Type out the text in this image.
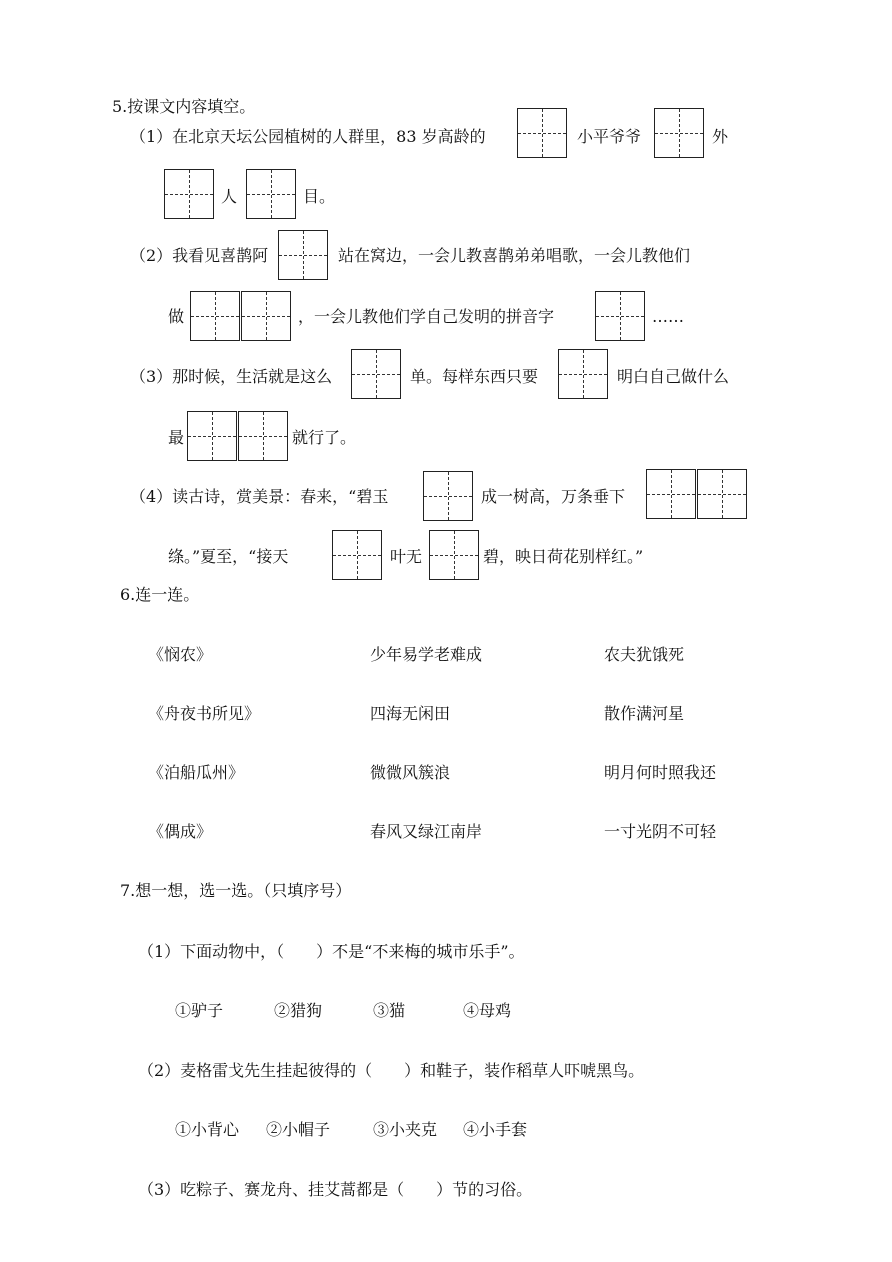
5.按课文内容填空。
（1）在北京天坛公园植树的人群里，83 岁高龄的	小平爷爷	外
人	目。
（2）我看见喜鹊阿	站在窝边，一会儿教喜鹊弟弟唱歌，一会儿教他们
做	，一会儿教他们学自己发明的拼音字	……
（3）那时候，生活就是这么	单。每样东西只要	明白自己做什么
最	就行了。
（4）读古诗，赏美景：春来，“碧玉	成一树高，万条垂下
绦。”夏至，“接天	叶无	碧，映日荷花别样红。”
6.连一连。
《悯农》	少年易学老难成	农夫犹饿死
《舟夜书所见》	四海无闲田	散作满河星
《泊船瓜州》	微微风簇浪	明月何时照我还
《偶成》	春风又绿江南岸	一寸光阴不可轻
7.想一想，选一选。（只填序号）
（1）下面动物中，（　　）不是“不来梅的城市乐手”。
①驴子	②猎狗	③猫	④母鸡
（2）麦格雷戈先生挂起彼得的（　　）和鞋子，装作稻草人吓唬黑鸟。
①小背心 ②小帽子	③小夹克 ④小手套
（3）吃粽子、赛龙舟、挂艾蒿都是（　　）节的习俗。
